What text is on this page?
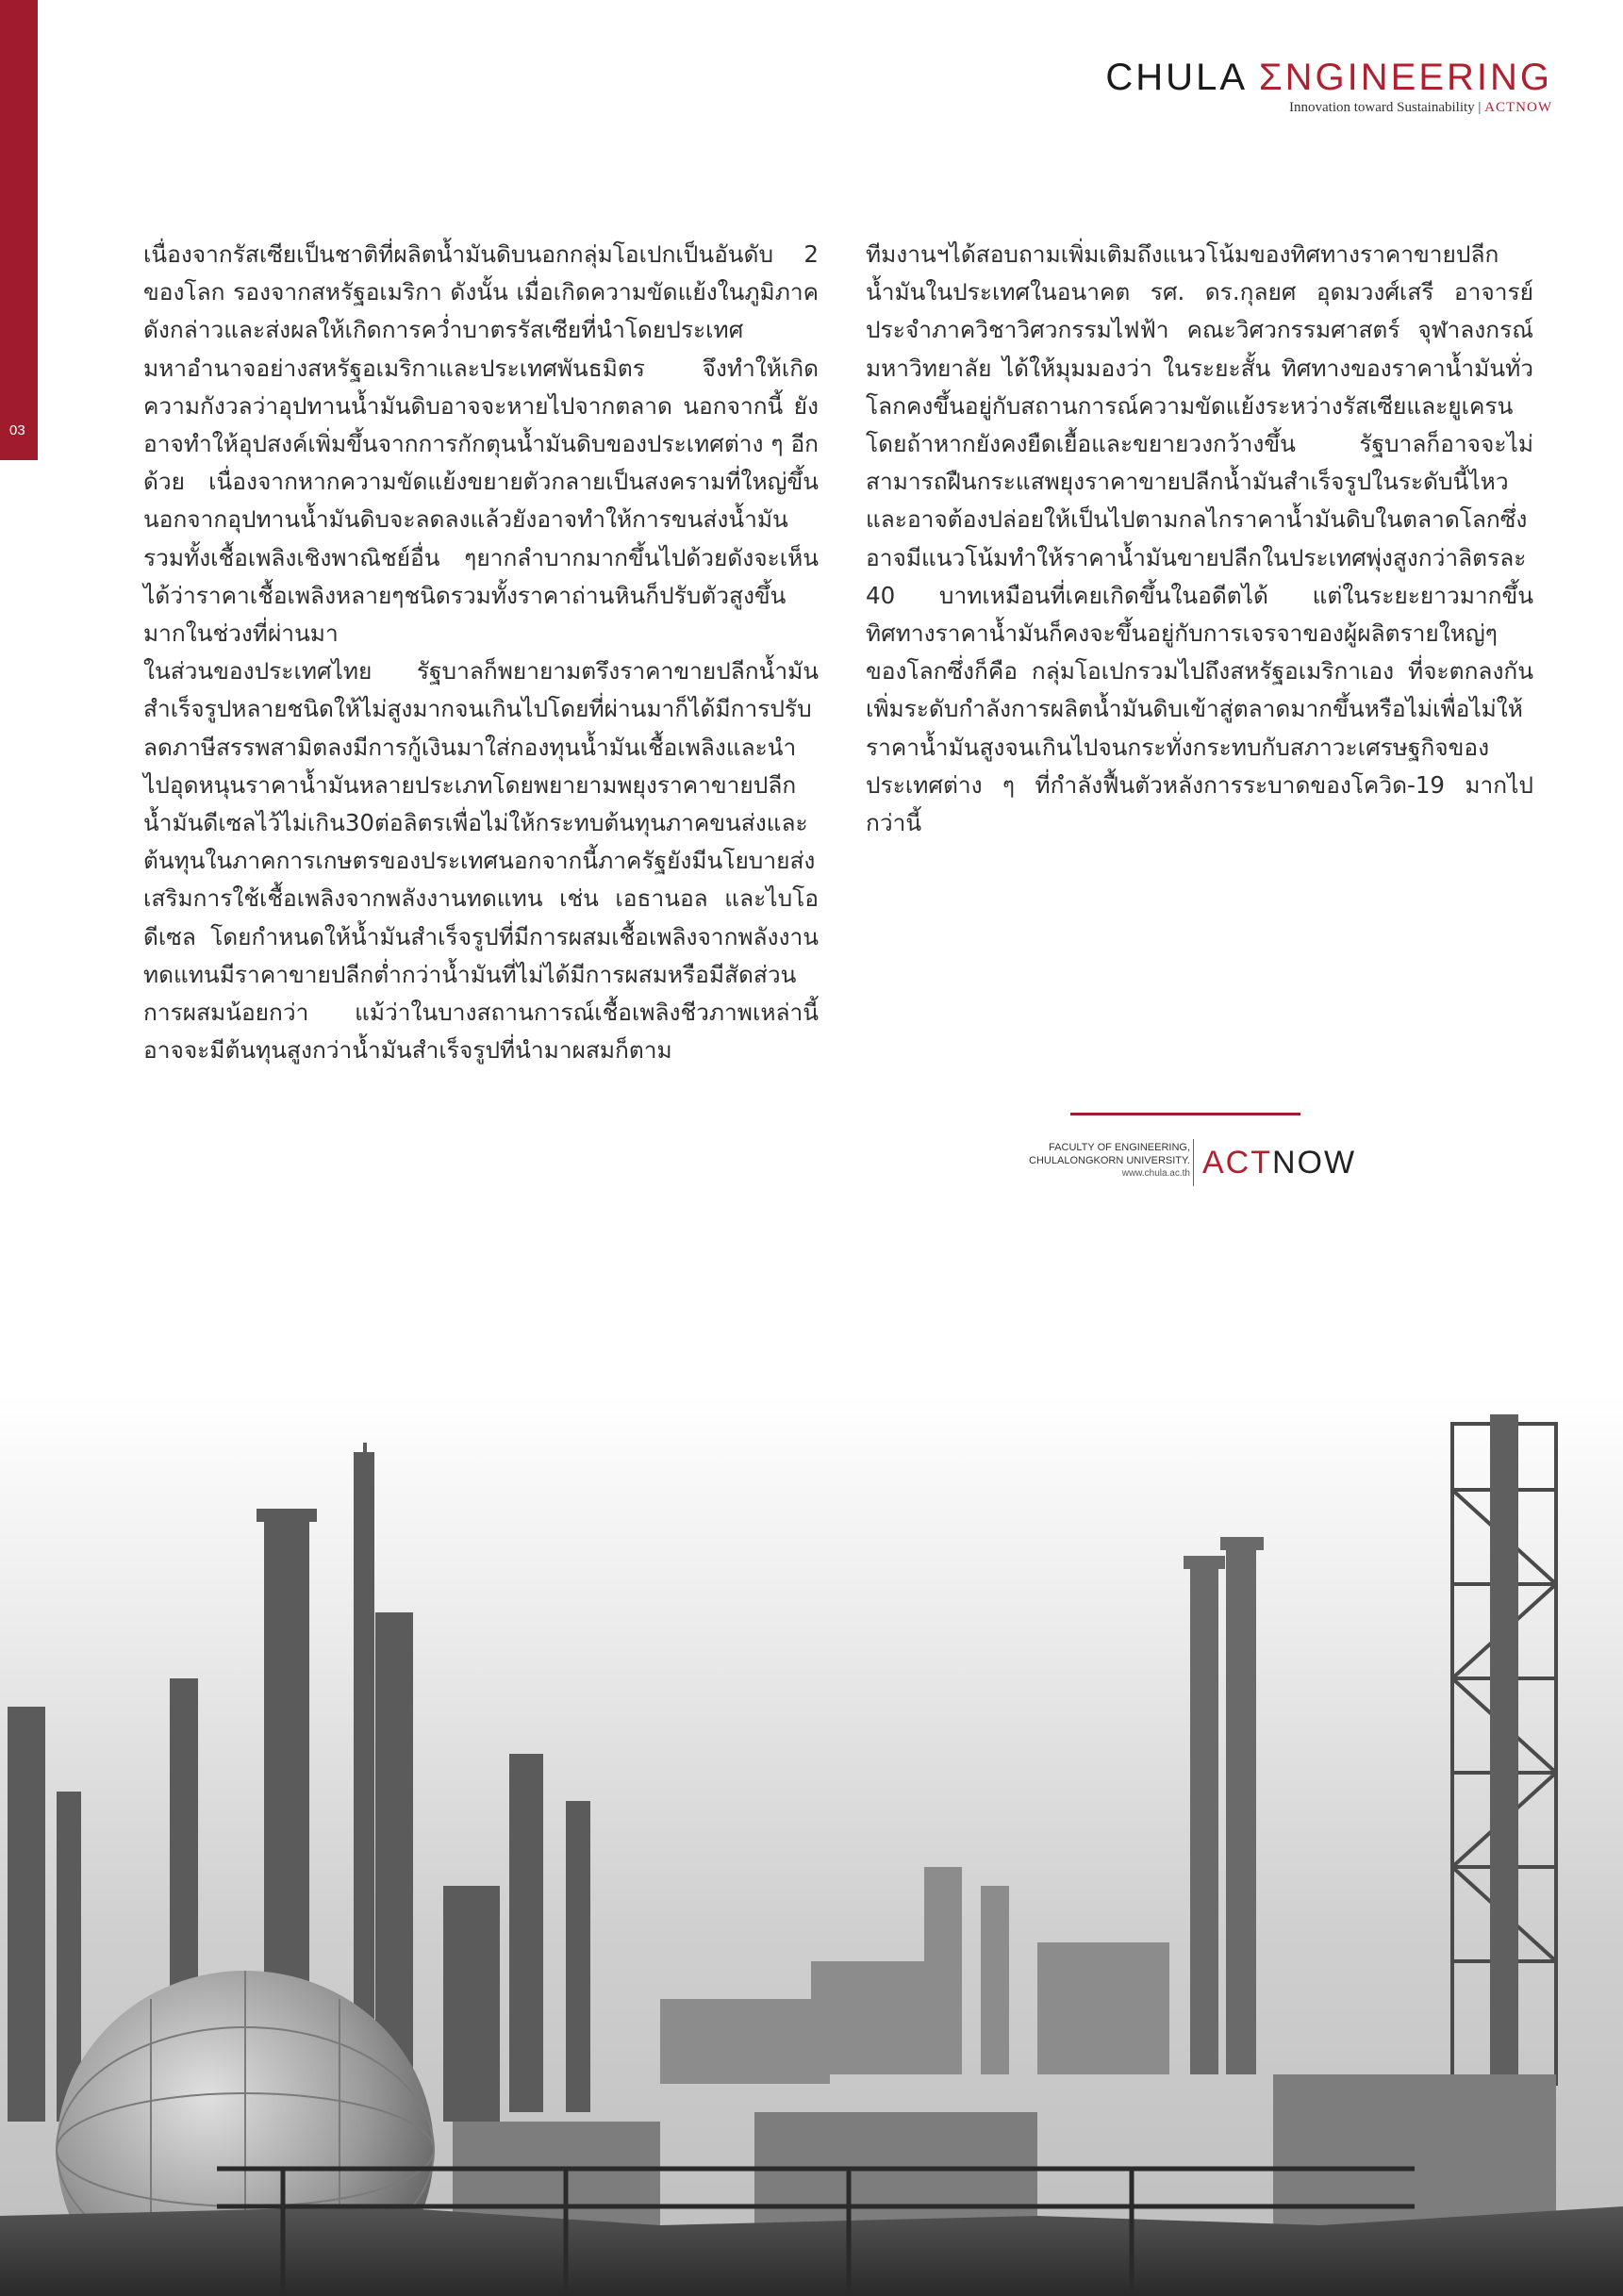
03
CHULA ΣNGINEERING
Innovation toward Sustainability | ACTNOW

เนื่องจากรัสเซียเป็นชาติที่ผลิตน้ำมันดิบนอกกลุ่มโอเปกเป็นอันดับ 2 ของโลก รองจากสหรัฐอเมริกา ดังนั้น เมื่อเกิดความขัดแย้งในภูมิภาคดังกล่าวและส่งผลให้เกิดการคว่ำบาตรรัสเซียที่นำโดยประเทศมหาอำนาจอย่างสหรัฐอเมริกาและประเทศพันธมิตร จึงทำให้เกิดความกังวลว่าอุปทานน้ำมันดิบอาจจะหายไปจากตลาด นอกจากนี้ ยังอาจทำให้อุปสงค์เพิ่มขึ้นจากการกักตุนน้ำมันดิบของประเทศต่าง ๆ อีกด้วย เนื่องจากหากความขัดแย้งขยายตัวกลายเป็นสงครามที่ใหญ่ขึ้น นอกจากอุปทานน้ำมันดิบจะลดลงแล้วยังอาจทำให้การขนส่งน้ำมันรวมทั้งเชื้อเพลิงเชิงพาณิชย์อื่น ๆยากลำบากมากขึ้นไปด้วยดังจะเห็นได้ว่าราคาเชื้อเพลิงหลายๆชนิดรวมทั้งราคาถ่านหินก็ปรับตัวสูงขึ้นมากในช่วงที่ผ่านมา

ในส่วนของประเทศไทย รัฐบาลก็พยายามตรึงราคาขายปลีกน้ำมันสำเร็จรูปหลายชนิดให้ไม่สูงมากจนเกินไปโดยที่ผ่านมาก็ได้มีการปรับลดภาษีสรรพสามิตลงมีการกู้เงินมาใส่กองทุนน้ำมันเชื้อเพลิงและนำไปอุดหนุนราคาน้ำมันหลายประเภทโดยพยายามพยุงราคาขายปลีกน้ำมันดีเซลไว้ไม่เกิน30ต่อลิตรเพื่อไม่ให้กระทบต้นทุนภาคขนส่งและต้นทุนในภาคการเกษตรของประเทศนอกจากนี้ภาครัฐยังมีนโยบายส่งเสริมการใช้เชื้อเพลิงจากพลังงานทดแทน เช่น เอธานอล และไบโอดีเซล โดยกำหนดให้น้ำมันสำเร็จรูปที่มีการผสมเชื้อเพลิงจากพลังงานทดแทนมีราคาขายปลีกต่ำกว่าน้ำมันที่ไม่ได้มีการผสมหรือมีสัดส่วนการผสมน้อยกว่า แม้ว่าในบางสถานการณ์เชื้อเพลิงชีวภาพเหล่านี้อาจจะมีต้นทุนสูงกว่าน้ำมันสำเร็จรูปที่นำมาผสมก็ตาม

ทีมงานฯได้สอบถามเพิ่มเติมถึงแนวโน้มของทิศทางราคาขายปลีกน้ำมันในประเทศในอนาคต รศ. ดร.กุลยศ อุดมวงศ์เสรี อาจารย์ประจำภาควิชาวิศวกรรมไฟฟ้า คณะวิศวกรรมศาสตร์ จุฬาลงกรณ์มหาวิทยาลัย ได้ให้มุมมองว่า ในระยะสั้น ทิศทางของราคาน้ำมันทั่วโลกคงขึ้นอยู่กับสถานการณ์ความขัดแย้งระหว่างรัสเซียและยูเครนโดยถ้าหากยังคงยืดเยื้อและขยายวงกว้างขึ้น รัฐบาลก็อาจจะไม่สามารถฝืนกระแสพยุงราคาขายปลีกน้ำมันสำเร็จรูปในระดับนี้ไหวและอาจต้องปล่อยให้เป็นไปตามกลไกราคาน้ำมันดิบในตลาดโลกซึ่งอาจมีแนวโน้มทำให้ราคาน้ำมันขายปลีกในประเทศพุ่งสูงกว่าลิตรละ 40 บาทเหมือนที่เคยเกิดขึ้นในอดีตได้ แต่ในระยะยาวมากขึ้น ทิศทางราคาน้ำมันก็คงจะขึ้นอยู่กับการเจรจาของผู้ผลิตรายใหญ่ๆของโลกซึ่งก็คือ กลุ่มโอเปกรวมไปถึงสหรัฐอเมริกาเอง ที่จะตกลงกันเพิ่มระดับกำลังการผลิตน้ำมันดิบเข้าสู่ตลาดมากขึ้นหรือไม่เพื่อไม่ให้ราคาน้ำมันสูงจนเกินไปจนกระทั่งกระทบกับสภาวะเศรษฐกิจของประเทศต่าง ๆ ที่กำลังฟื้นตัวหลังการระบาดของโควิด-19 มากไปกว่านี้

FACULTY OF ENGINEERING,
CHULALONGKORN UNIVERSITY.
www.chula.ac.th ACTNOW
